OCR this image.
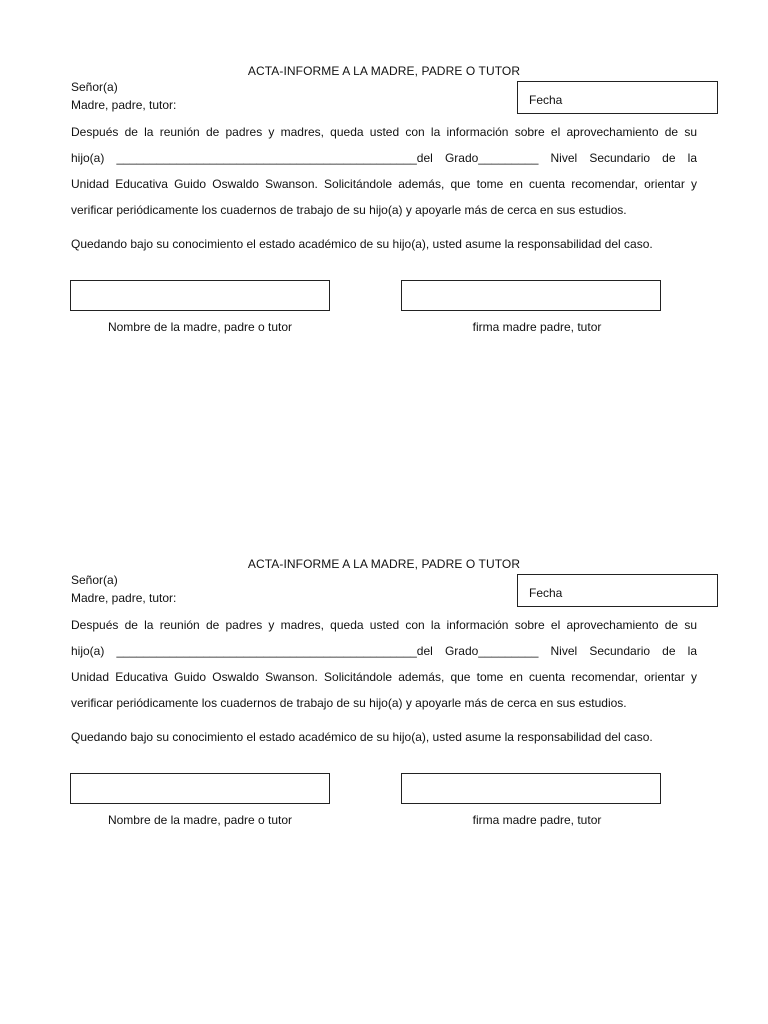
ACTA-INFORME A LA MADRE, PADRE O TUTOR
Señor(a)
Madre, padre, tutor:	Fecha
Después de la reunión de padres y madres, queda usted con la información sobre el aprovechamiento de su
hijo(a) _____________________________________________del Grado_________ Nivel Secundario de la
Unidad Educativa Guido Oswaldo Swanson. Solicitándole además, que tome en cuenta recomendar, orientar y
verificar periódicamente los cuadernos de trabajo de su hijo(a) y apoyarle más de cerca en sus estudios.
Quedando bajo su conocimiento el estado académico de su hijo(a), usted asume la responsabilidad del caso.
Nombre de la madre, padre o tutor	firma madre padre, tutor
ACTA-INFORME A LA MADRE, PADRE O TUTOR
Señor(a)
Madre, padre, tutor:	Fecha
Después de la reunión de padres y madres, queda usted con la información sobre el aprovechamiento de su
hijo(a) _____________________________________________del Grado_________ Nivel Secundario de la
Unidad Educativa Guido Oswaldo Swanson. Solicitándole además, que tome en cuenta recomendar, orientar y
verificar periódicamente los cuadernos de trabajo de su hijo(a) y apoyarle más de cerca en sus estudios.
Quedando bajo su conocimiento el estado académico de su hijo(a), usted asume la responsabilidad del caso.
Nombre de la madre, padre o tutor	firma madre padre, tutor
